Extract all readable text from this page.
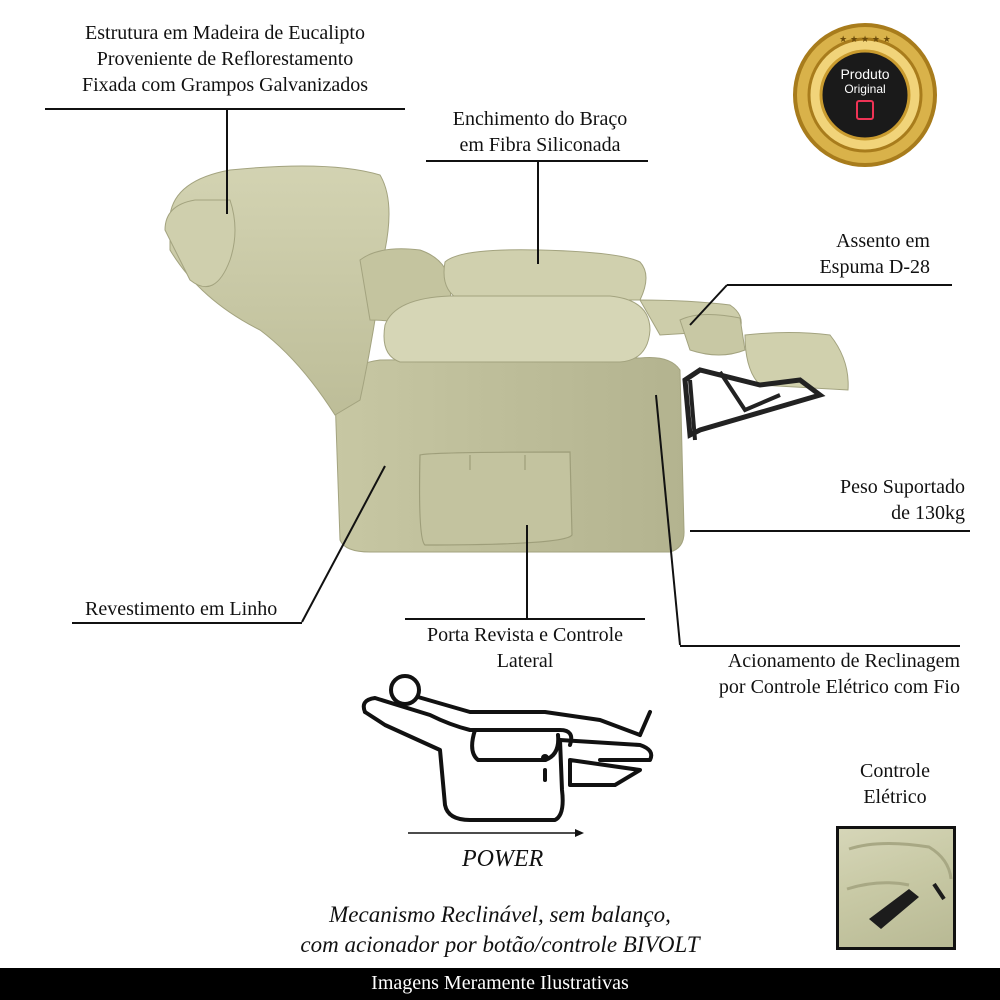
Estrutura em Madeira de Eucalipto
Proveniente de Reflorestamento
Fixada com Grampos Galvanizados
Enchimento do Braço
em Fibra Siliconada
Assento em
Espuma D-28
Peso Suportado
de 130kg
Revestimento em Linho
Porta Revista e Controle
Lateral	Acionamento de Reclinagem
por Controle Elétrico com Fio
Controle
Elétrico
★ ★ ★ ★ ★
Produto
Original
POWER
Mecanismo Reclinável, sem balanço,
com acionador por botão/controle BIVOLT
Imagens Meramente Ilustrativas
